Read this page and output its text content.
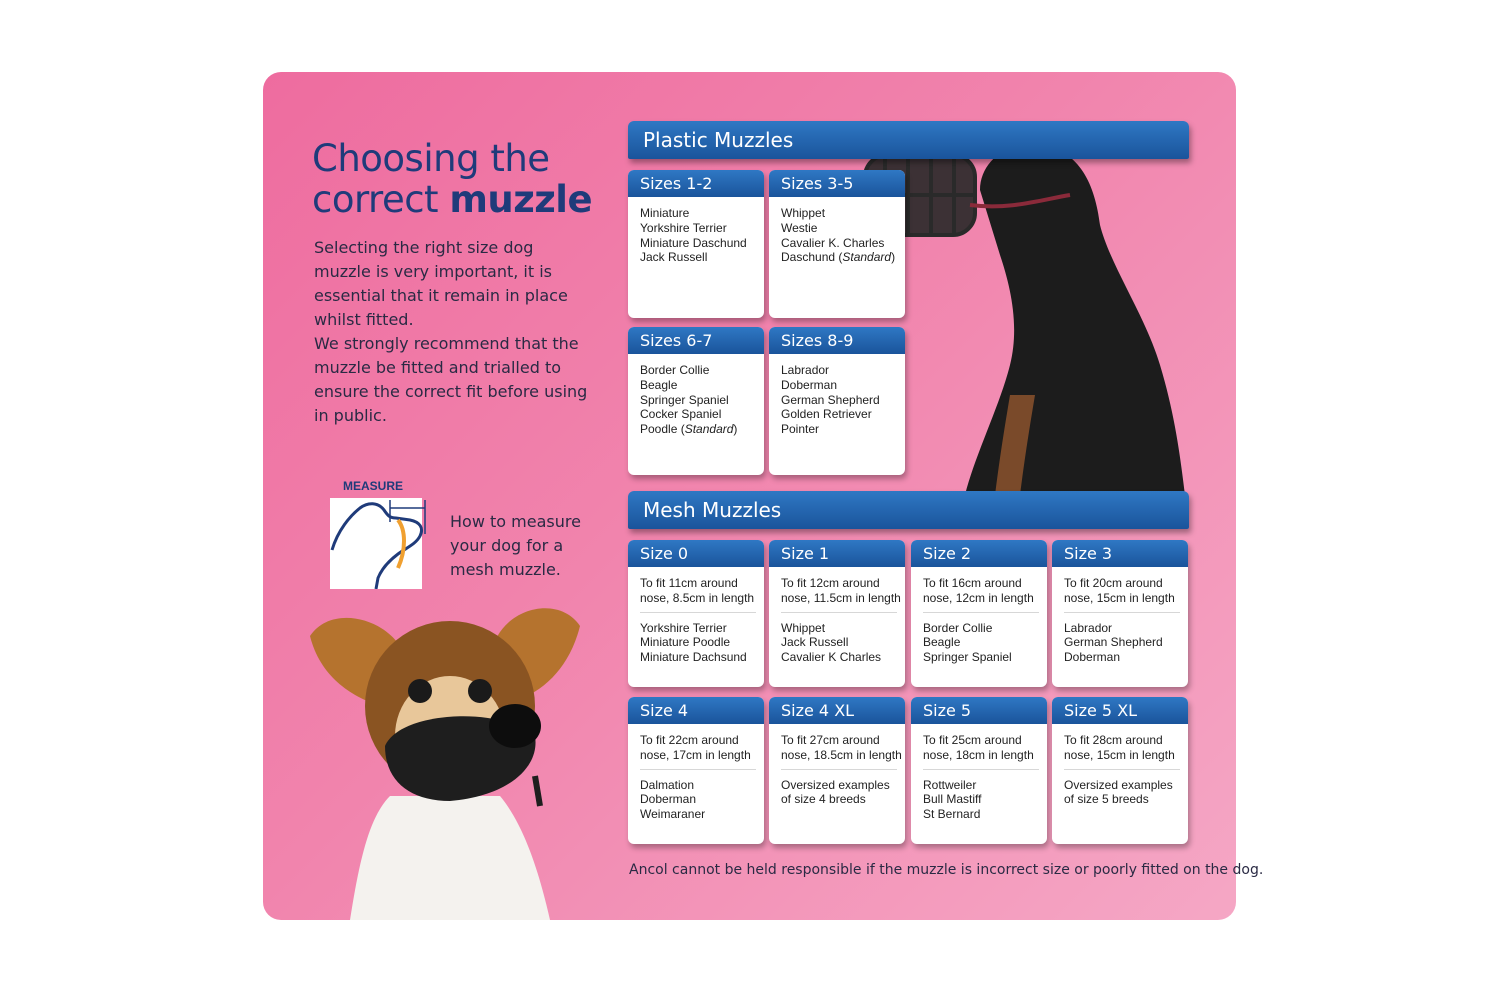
Choosing the
correct muzzle

Selecting the right size dog muzzle is very important, it is essential that it remain in place whilst fitted.

We strongly recommend that the muzzle be fitted and trialled to ensure the correct fit before using in public.

MEASURE
How to measure your dog for a mesh muzzle.
Plastic Muzzles
Sizes 1-2
Miniature
Yorkshire Terrier
Miniature Daschund
Jack Russell
Sizes 3-5
Whippet
Westie
Cavalier K. Charles
Daschund (Standard)
Sizes 6-7
Border Collie
Beagle
Springer Spaniel
Cocker Spaniel
Poodle (Standard)
Sizes 8-9
Labrador
Doberman
German Shepherd
Golden Retriever
Pointer
Mesh Muzzles
Size 0
To fit 11cm around
nose, 8.5cm in length
Yorkshire Terrier
Miniature Poodle
Miniature Dachsund
Size 1
To fit 12cm around
nose, 11.5cm in length
Whippet
Jack Russell
Cavalier K Charles
Size 2
To fit 16cm around
nose, 12cm in length
Border Collie
Beagle
Springer Spaniel
Size 3
To fit 20cm around
nose, 15cm in length
Labrador
German Shepherd
Doberman
Size 4
To fit 22cm around
nose, 17cm in length
Dalmation
Doberman
Weimaraner
Size 4 XL
To fit 27cm around
nose, 18.5cm in length
Oversized examples
of size 4 breeds
Size 5
To fit 25cm around
nose, 18cm in length
Rottweiler
Bull Mastiff
St Bernard
Size 5 XL
To fit 28cm around
nose, 15cm in length
Oversized examples
of size 5 breeds
Ancol cannot be held responsible if the muzzle is incorrect size or poorly fitted on the dog.
